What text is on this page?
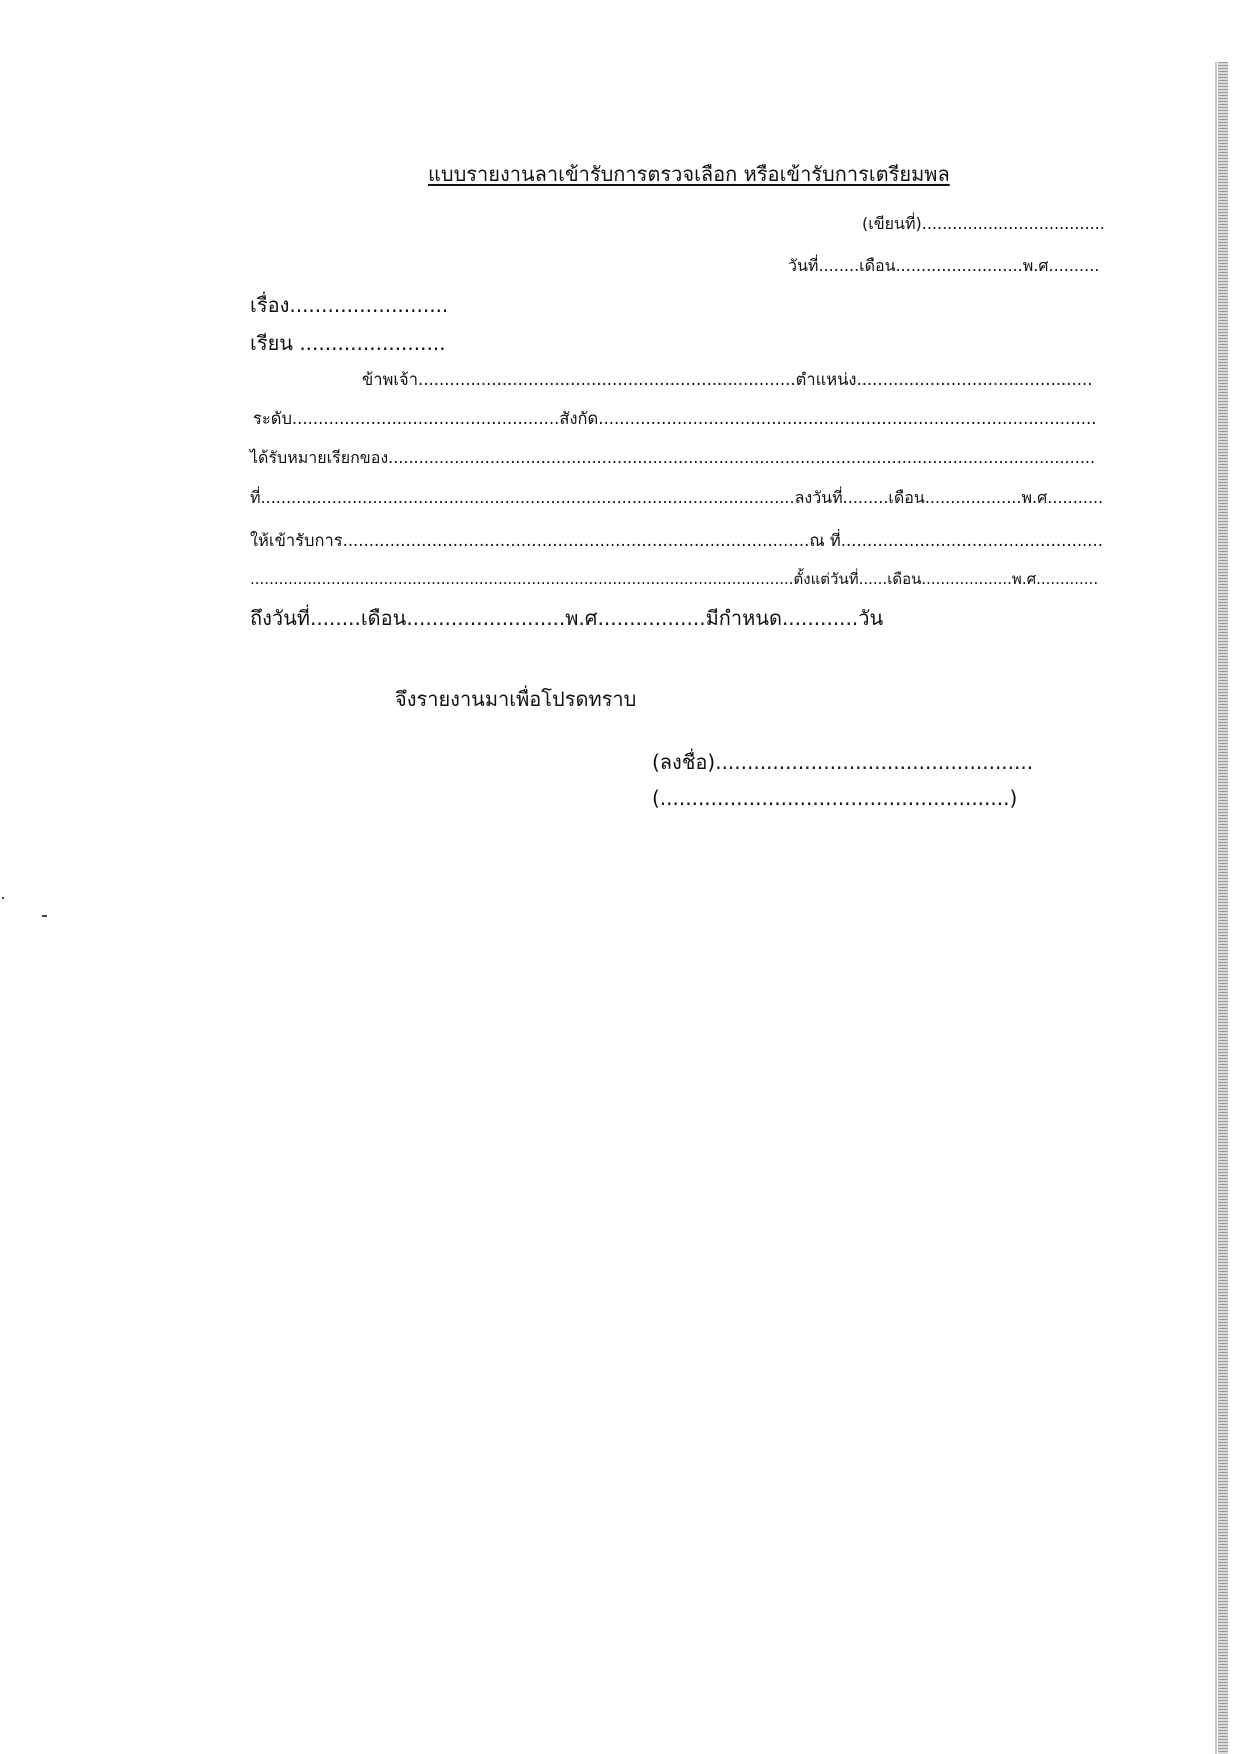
แบบรายงานลาเข้ารับการตรวจเลือก หรือเข้ารับการเตรียมพล
(เขียนที่)....................................
วันที่........เดือน.........................พ.ศ..........
เรื่อง.........................
เรียน .......................
ข้าพเจ้า........................................................................ตำแหน่ง.............................................
ระดับ...................................................สังกัด...............................................................................................
ได้รับหมายเรียกของ...........................................................................................................................................
ที่.........................................................................................................ลงวันที่.........เดือน...................พ.ศ...........
ให้เข้ารับการ.........................................................................................ณ ที่..................................................
..................................................................................................................ตั้งแต่วันที่......เดือน...................พ.ศ.............
ถึงวันที่........เดือน.........................พ.ศ.................มีกำหนด............วัน
จึงรายงานมาเพื่อโปรดทราบ
(ลงชื่อ)..................................................
(.......................................................)
